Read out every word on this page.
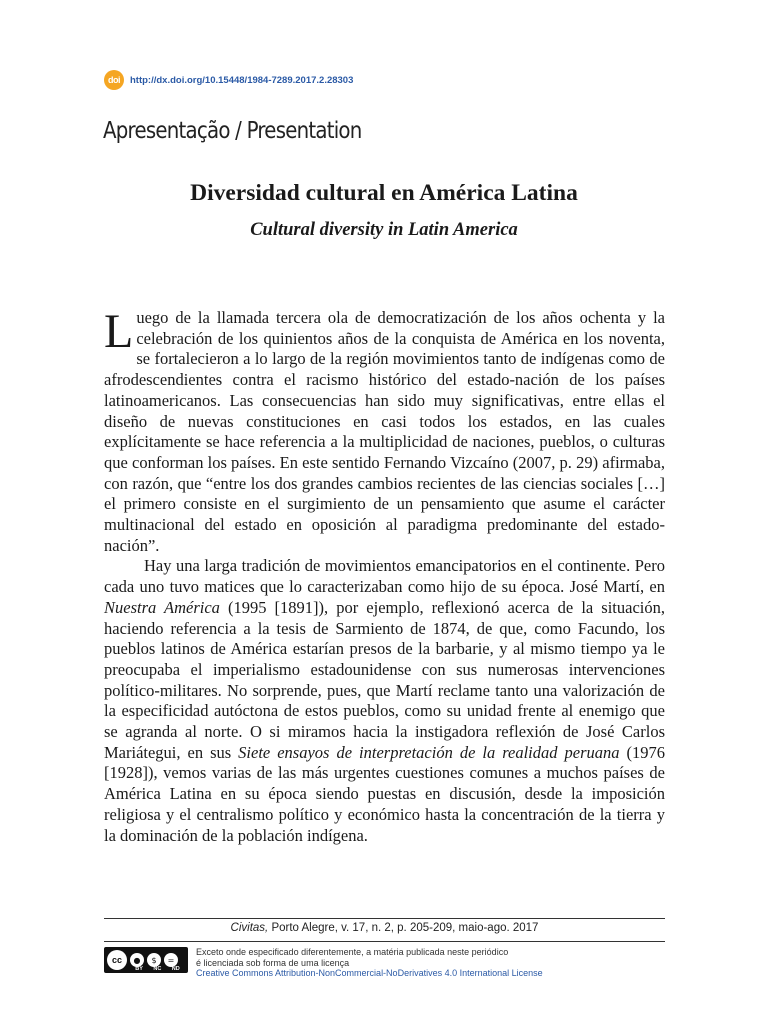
doi	http://dx.doi.org/10.15448/1984-7289.2017.2.28303
Apresentação / Presentation
Diversidad cultural en América Latina
Cultural diversity in Latin America

Luego de la llamada tercera ola de democratización de los años ochenta y la celebración de los quinientos años de la conquista de América en los noventa, se fortalecieron a lo largo de la región movimientos tanto de indígenas como de afrodescendientes contra el racismo histórico del estado-nación de los países latinoamericanos. Las consecuencias han sido muy significativas, entre ellas el diseño de nuevas constituciones en casi todos los estados, en las cuales explícitamente se hace referencia a la multiplicidad de naciones, pueblos, o culturas que conforman los países. En este sentido Fernando Vizcaíno (2007, p. 29) afirmaba, con razón, que “entre los dos grandes cambios recientes de las ciencias sociales […] el primero consiste en el surgimiento de un pensamiento que asume el carácter multinacional del estado en oposición al paradigma predominante del estado-nación”.

Hay una larga tradición de movimientos emancipatorios en el continente. Pero cada uno tuvo matices que lo caracterizaban como hijo de su época. José Martí, en Nuestra América (1995 [1891]), por ejemplo, reflexionó acerca de la situación, haciendo referencia a la tesis de Sarmiento de 1874, de que, como Facundo, los pueblos latinos de América estarían presos de la barbarie, y al mismo tiempo ya le preocupaba el imperialismo estadounidense con sus numerosas intervenciones político-militares. No sorprende, pues, que Martí reclame tanto una valorización de la especificidad autóctona de estos pueblos, como su unidad frente al enemigo que se agranda al norte. O si miramos hacia la instigadora reflexión de José Carlos Mariátegui, en sus Siete ensayos de interpretación de la realidad peruana (1976 [1928]), vemos varias de las más urgentes cuestiones comunes a muchos países de América Latina en su época siendo puestas en discusión, desde la imposición religiosa y el centralismo político y económico hasta la concentración de la tierra y la dominación de la población indígena.

Civitas, Porto Alegre, v. 17, n. 2, p. 205-209, maio-ago. 2017
cc	●	$	=
BY NC ND
Exceto onde especificado diferentemente, a matéria publicada neste periódico
é licenciada sob forma de uma licença
Creative Commons Attribution-NonCommercial-NoDerivatives 4.0 International License
